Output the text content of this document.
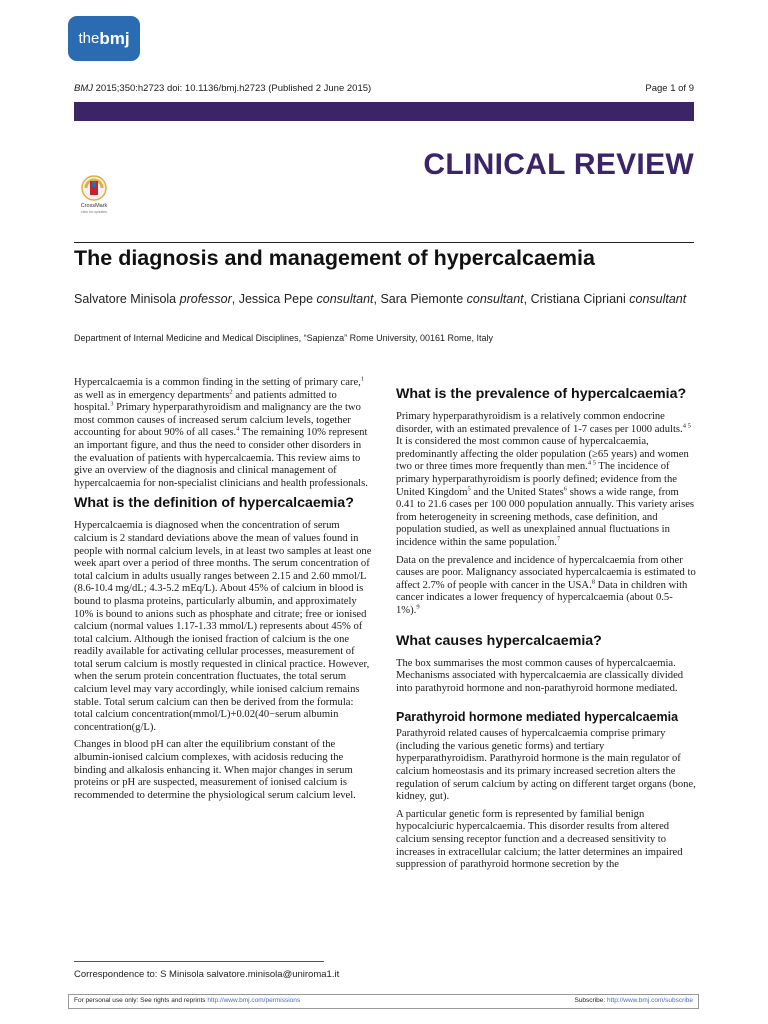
the bmj
BMJ 2015;350:h2723 doi: 10.1136/bmj.h2723 (Published 2 June 2015)	Page 1 of 9
CLINICAL REVIEW
CrossMark
click for updates
The diagnosis and management of hypercalcaemia
Salvatore Minisola professor, Jessica Pepe consultant, Sara Piemonte consultant, Cristiana Cipriani consultant
Department of Internal Medicine and Medical Disciplines, “Sapienza” Rome University, 00161 Rome, Italy

Hypercalcaemia is a common finding in the setting of primary care,$^1$ as well as in emergency departments$^2$ and patients admitted to hospital.$^3$ Primary hyperparathyroidism and malignancy are the two most common causes of increased serum calcium levels, together accounting for about 90% of all cases.$^4$ The remaining 10% represent an important figure, and thus the need to consider other disorders in the evaluation of patients with hypercalcaemia. This review aims to give an overview of the diagnosis and clinical management of hypercalcaemia for non-specialist clinicians and health professionals.

What is the definition of hypercalcaemia?

Hypercalcaemia is diagnosed when the concentration of serum calcium is 2 standard deviations above the mean of values found in people with normal calcium levels, in at least two samples at least one week apart over a period of three months. The serum concentration of total calcium in adults usually ranges between 2.15 and 2.60 mmol/L (8.6-10.4 mg/dL; 4.3-5.2 mEq/L). About 45% of calcium in blood is bound to plasma proteins, particularly albumin, and approximately 10% is bound to anions such as phosphate and citrate; free or ionised calcium (normal values 1.17-1.33 mmol/L) represents about 45% of total calcium. Although the ionised fraction of calcium is the one readily available for activating cellular processes, measurement of total serum calcium is mostly requested in clinical practice. However, when the serum protein concentration fluctuates, the total serum calcium level may vary accordingly, while ionised calcium remains stable. Total serum calcium can then be derived from the formula: total calcium concentration(mmol/L)+0.02(40−serum albumin concentration(g/L).

Changes in blood pH can alter the equilibrium constant of the albumin-ionised calcium complexes, with acidosis reducing the binding and alkalosis enhancing it. When major changes in serum proteins or pH are suspected, measurement of ionised calcium is recommended to determine the physiological serum calcium level.

What is the prevalence of hypercalcaemia?

Primary hyperparathyroidism is a relatively common endocrine disorder, with an estimated prevalence of 1-7 cases per 1000 adults.$^{4 5}$ It is considered the most common cause of hypercalcaemia, predominantly affecting the older population (≥65 years) and women two or three times more frequently than men.$^{4 5}$ The incidence of primary hyperparathyroidism is poorly defined; evidence from the United Kingdom$^5$ and the United States$^6$ shows a wide range, from 0.41 to 21.6 cases per 100 000 population annually. This variety arises from heterogeneity in screening methods, case definition, and population studied, as well as unexplained annual fluctuations in incidence within the same population.$^7$

Data on the prevalence and incidence of hypercalcaemia from other causes are poor. Malignancy associated hypercalcaemia is estimated to affect 2.7% of people with cancer in the USA.$^8$ Data in children with cancer indicates a lower frequency of hypercalcaemia (about 0.5-1%).$^9$

What causes hypercalcaemia?

The box summarises the most common causes of hypercalcaemia. Mechanisms associated with hypercalcaemia are classically divided into parathyroid hormone and non-parathyroid hormone mediated.

Parathyroid hormone mediated hypercalcaemia

Parathyroid related causes of hypercalcaemia comprise primary (including the various genetic forms) and tertiary hyperparathyroidism. Parathyroid hormone is the main regulator of calcium homeostasis and its primary increased secretion alters the regulation of serum calcium by acting on different target organs (bone, kidney, gut).

A particular genetic form is represented by familial benign hypocalciuric hypercalcaemia. This disorder results from altered calcium sensing receptor function and a decreased sensitivity to increases in extracellular calcium; the latter determines an impaired suppression of parathyroid hormone secretion by the

Correspondence to: S Minisola salvatore.minisola@uniroma1.it
For personal use only: See rights and reprints http://www.bmj.com/permissions	Subscribe: http://www.bmj.com/subscribe
